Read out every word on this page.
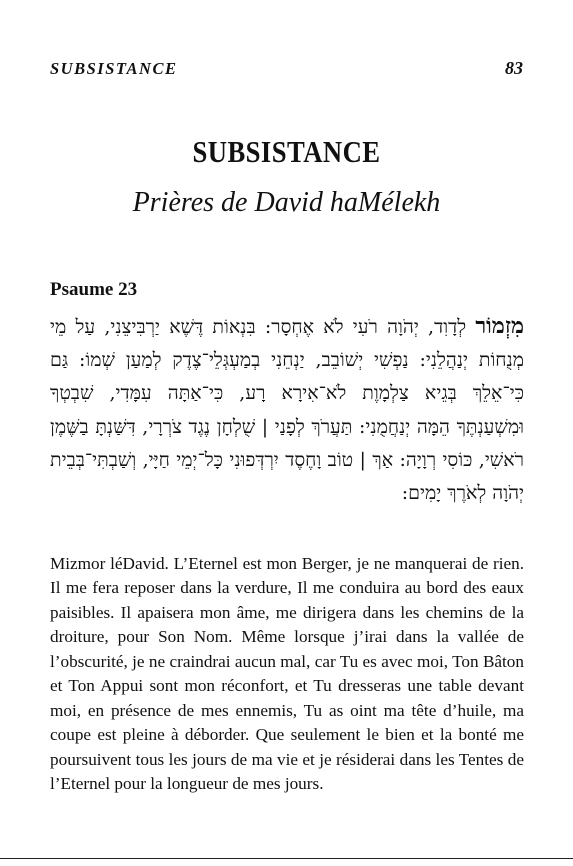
SUBSISTANCE	83
SUBSISTANCE
Prières de David haMélekh
Psaume 23
מִזְמוֹר לְדָוִד, יְהֹוָה רֹעִי לֹא אֶחְסָר: בִּנְאוֹת דֶּשֶׁא יַרְבִּיצֵנִי, עַל מֵי מְנֻחוֹת יְנַהֲלֵנִי: נַפְשִׁי יְשׁוֹבֵב, יַנְחֵנִי בְמַעְגְּלֵי־צֶדֶק לְמַעַן שְׁמוֹ: גַּם כִּי־אֵלֵךְ בְּגֵיא צַלְמָוֶת לֹא־אִירָא רָע, כִּי־אַתָּה עִמָּדִי, שִׁבְטְךָ וּמִשְׁעַנְתֶּךָ הֵמָּה יְנַחֲמֻנִי: תַּעֲרֹךְ לְפָנַי | שֻׁלְחָן נֶגֶד צֹרְרָי, דִּשַּׁנְתָּ בַשֶּׁמֶן רֹאשִׁי, כּוֹסִי רְוָיָה: אַךְ | טוֹב וָחֶסֶד יִרְדְּפוּנִי כָּל־יְמֵי חַיָּי, וְשַׁבְתִּי־בְּבֵית יְהֹוָה לְאֹרֶךְ יָמִים:
Mizmor léDavid. L’Eternel est mon Berger, je ne manquerai de rien. Il me fera reposer dans la verdure, Il me conduira au bord des eaux paisibles. Il apaisera mon âme, me dirigera dans les chemins de la droiture, pour Son Nom. Même lorsque j’irai dans la vallée de l’obscurité, je ne craindrai aucun mal, car Tu es avec moi, Ton Bâton et Ton Appui sont mon réconfort, et Tu dresseras une table devant moi, en présence de mes ennemis, Tu as oint ma tête d’huile, ma coupe est pleine à déborder. Que seulement le bien et la bonté me poursuivent tous les jours de ma vie et je résiderai dans les Tentes de l’Eternel pour la longueur de mes jours.
